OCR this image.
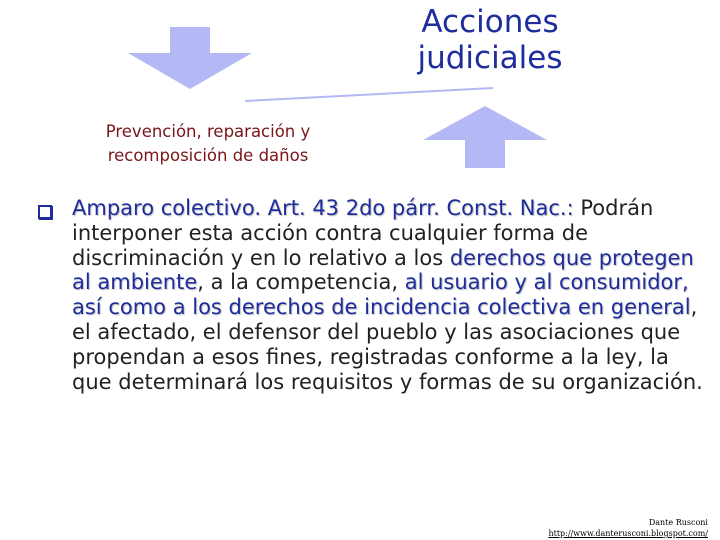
Acciones
judiciales
Prevención, reparación y
recomposición de daños
Amparo colectivo. Art. 43 2do párr. Const. Nac.: Podrán interponer esta acción contra cualquier forma de discriminación y en lo relativo a los derechos que protegen al ambiente, a la competencia, al usuario y al consumidor, así como a los derechos de incidencia colectiva en general, el afectado, el defensor del pueblo y las asociaciones que propendan a esos fines, registradas conforme a la ley, la que determinará los requisitos y formas de su organización.
Dante Rusconi
http://www.danterusconi.blogspot.com/
